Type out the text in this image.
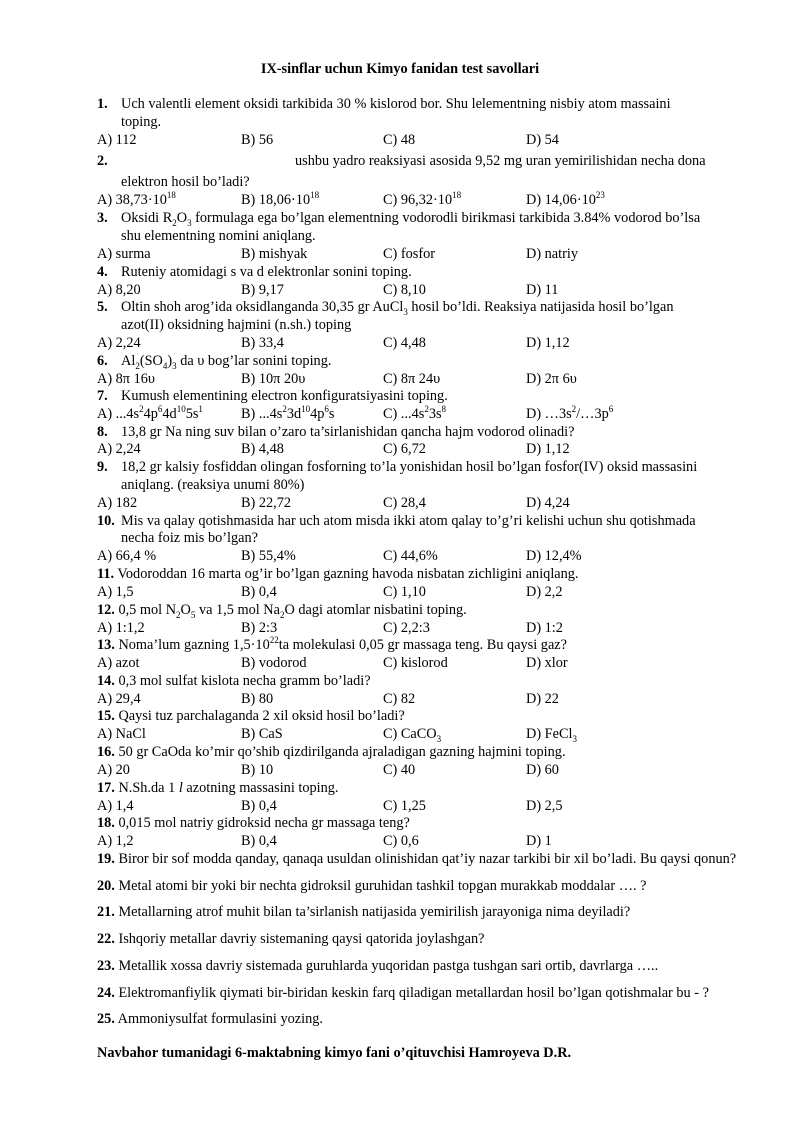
IX-sinflar uchun Kimyo fanidan test savollari
1. Uch valentli element oksidi tarkibida 30 % kislorod bor. Shu lelementning nisbiy atom massaini
toping.
A) 112	B) 56	C) 48	D) 54
2.	ushbu yadro reaksiyasi asosida 9,52 mg uran yemirilishidan necha dona
elektron hosil bo’ladi?
A) $38,73\cdot 10^{18}$	B) $18,06\cdot 10^{18}$	C) $96,32\cdot 10^{18}$	D) $14,06\cdot 10^{23}$
3. Oksidi $R_2O_3$ formulaga ega bo’lgan elementning vodorodli birikmasi tarkibida 3.84% vodorod bo’lsa
shu elementning nomini aniqlang.
A) surma	B) mishyak	C) fosfor	D) natriy
4. Ruteniy atomidagi s va d elektronlar sonini toping.
A) 8,20	B) 9,17	C) 8,10	D) 11
5. Oltin shoh arog’ida oksidlanganda 30,35 gr AuCl$_3$ hosil bo’ldi. Reaksiya natijasida hosil bo’lgan
azot(II) oksidning hajmini (n.sh.) toping
A) 2,24	B) 33,4	C) 4,48	D) 1,12
6. $Al_2(SO_4)_3$ da υ bog’lar sonini toping.
A) 8π 16υ	B) 10π 20υ	C) 8π 24υ	D) 2π 6υ
7. Kumush elementining electron konfiguratsiyasini toping.
A) $...4s^24p^64d^{10}5s^1$	B) $...4s^23d^{10}4p^6s$	C) $...4s^23s^8$	D) $\dots 3s^2/\dots 3p^6$
8. 13,8 gr Na ning suv bilan o’zaro ta’sirlanishidan qancha hajm vodorod olinadi?
A) 2,24	B) 4,48	C) 6,72	D) 1,12
9. 18,2 gr kalsiy fosfiddan olingan fosforning to’la yonishidan hosil bo’lgan fosfor(IV) oksid massasini
aniqlang. (reaksiya unumi 80%)
A) 182	B) 22,72	C) 28,4	D) 4,24
10. Mis va qalay qotishmasida har uch atom misda ikki atom qalay to’g’ri kelishi uchun shu qotishmada
necha foiz mis bo’lgan?
A) 66,4 %	B) 55,4%	C) 44,6%	D) 12,4%
11. Vodoroddan 16 marta og’ir bo’lgan gazning havoda nisbatan zichligini aniqlang.
A) 1,5	B) 0,4	C) 1,10	D) 2,2
12. 0,5 mol $N_2O_5$ va 1,5 mol $Na_2O$ dagi atomlar nisbatini toping.
A) 1:1,2	B) 2:3	C) 2,2:3	D) 1:2
13. Noma’lum gazning $1,5\cdot 10^{22}ta$ molekulasi 0,05 gr massaga teng. Bu qaysi gaz?
A) azot	B) vodorod	C) kislorod	D) xlor
14. 0,3 mol sulfat kislota necha gramm bo’ladi?
A) 29,4	B) 80	C) 82	D) 22
15. Qaysi tuz parchalaganda 2 xil oksid hosil bo’ladi?
A) NaCl	B) CaS	C) CaCO$_3$	D) FeCl$_3$
16. 50 gr CaOda ko’mir qo’shib qizdirilganda ajraladigan gazning hajmini toping.
A) 20	B) 10	C) 40	D) 60
17. N.Sh.da 1 l azotning massasini toping.
A) 1,4	B) 0,4	C) 1,25	D) 2,5
18. 0,015 mol natriy gidroksid necha gr massaga teng?
A) 1,2	B) 0,4	C) 0,6	D) 1
19. Biror bir sof modda qanday, qanaqa usuldan olinishidan qat’iy nazar tarkibi bir xil bo’ladi. Bu qaysi qonun?
20. Metal atomi bir yoki bir nechta gidroksil guruhidan tashkil topgan murakkab moddalar …. ?
21. Metallarning atrof muhit bilan ta’sirlanish natijasida yemirilish jarayoniga nima deyiladi?
22. Ishqoriy metallar davriy sistemaning qaysi qatorida joylashgan?
23. Metallik xossa davriy sistemada guruhlarda yuqoridan pastga tushgan sari ortib, davrlarga …..
24. Elektromanfiylik qiymati bir-biridan keskin farq qiladigan metallardan hosil bo’lgan qotishmalar bu - ?
25. Ammoniysulfat formulasini yozing.
Navbahor tumanidagi 6-maktabning kimyo fani o’qituvchisi Hamroyeva D.R.
